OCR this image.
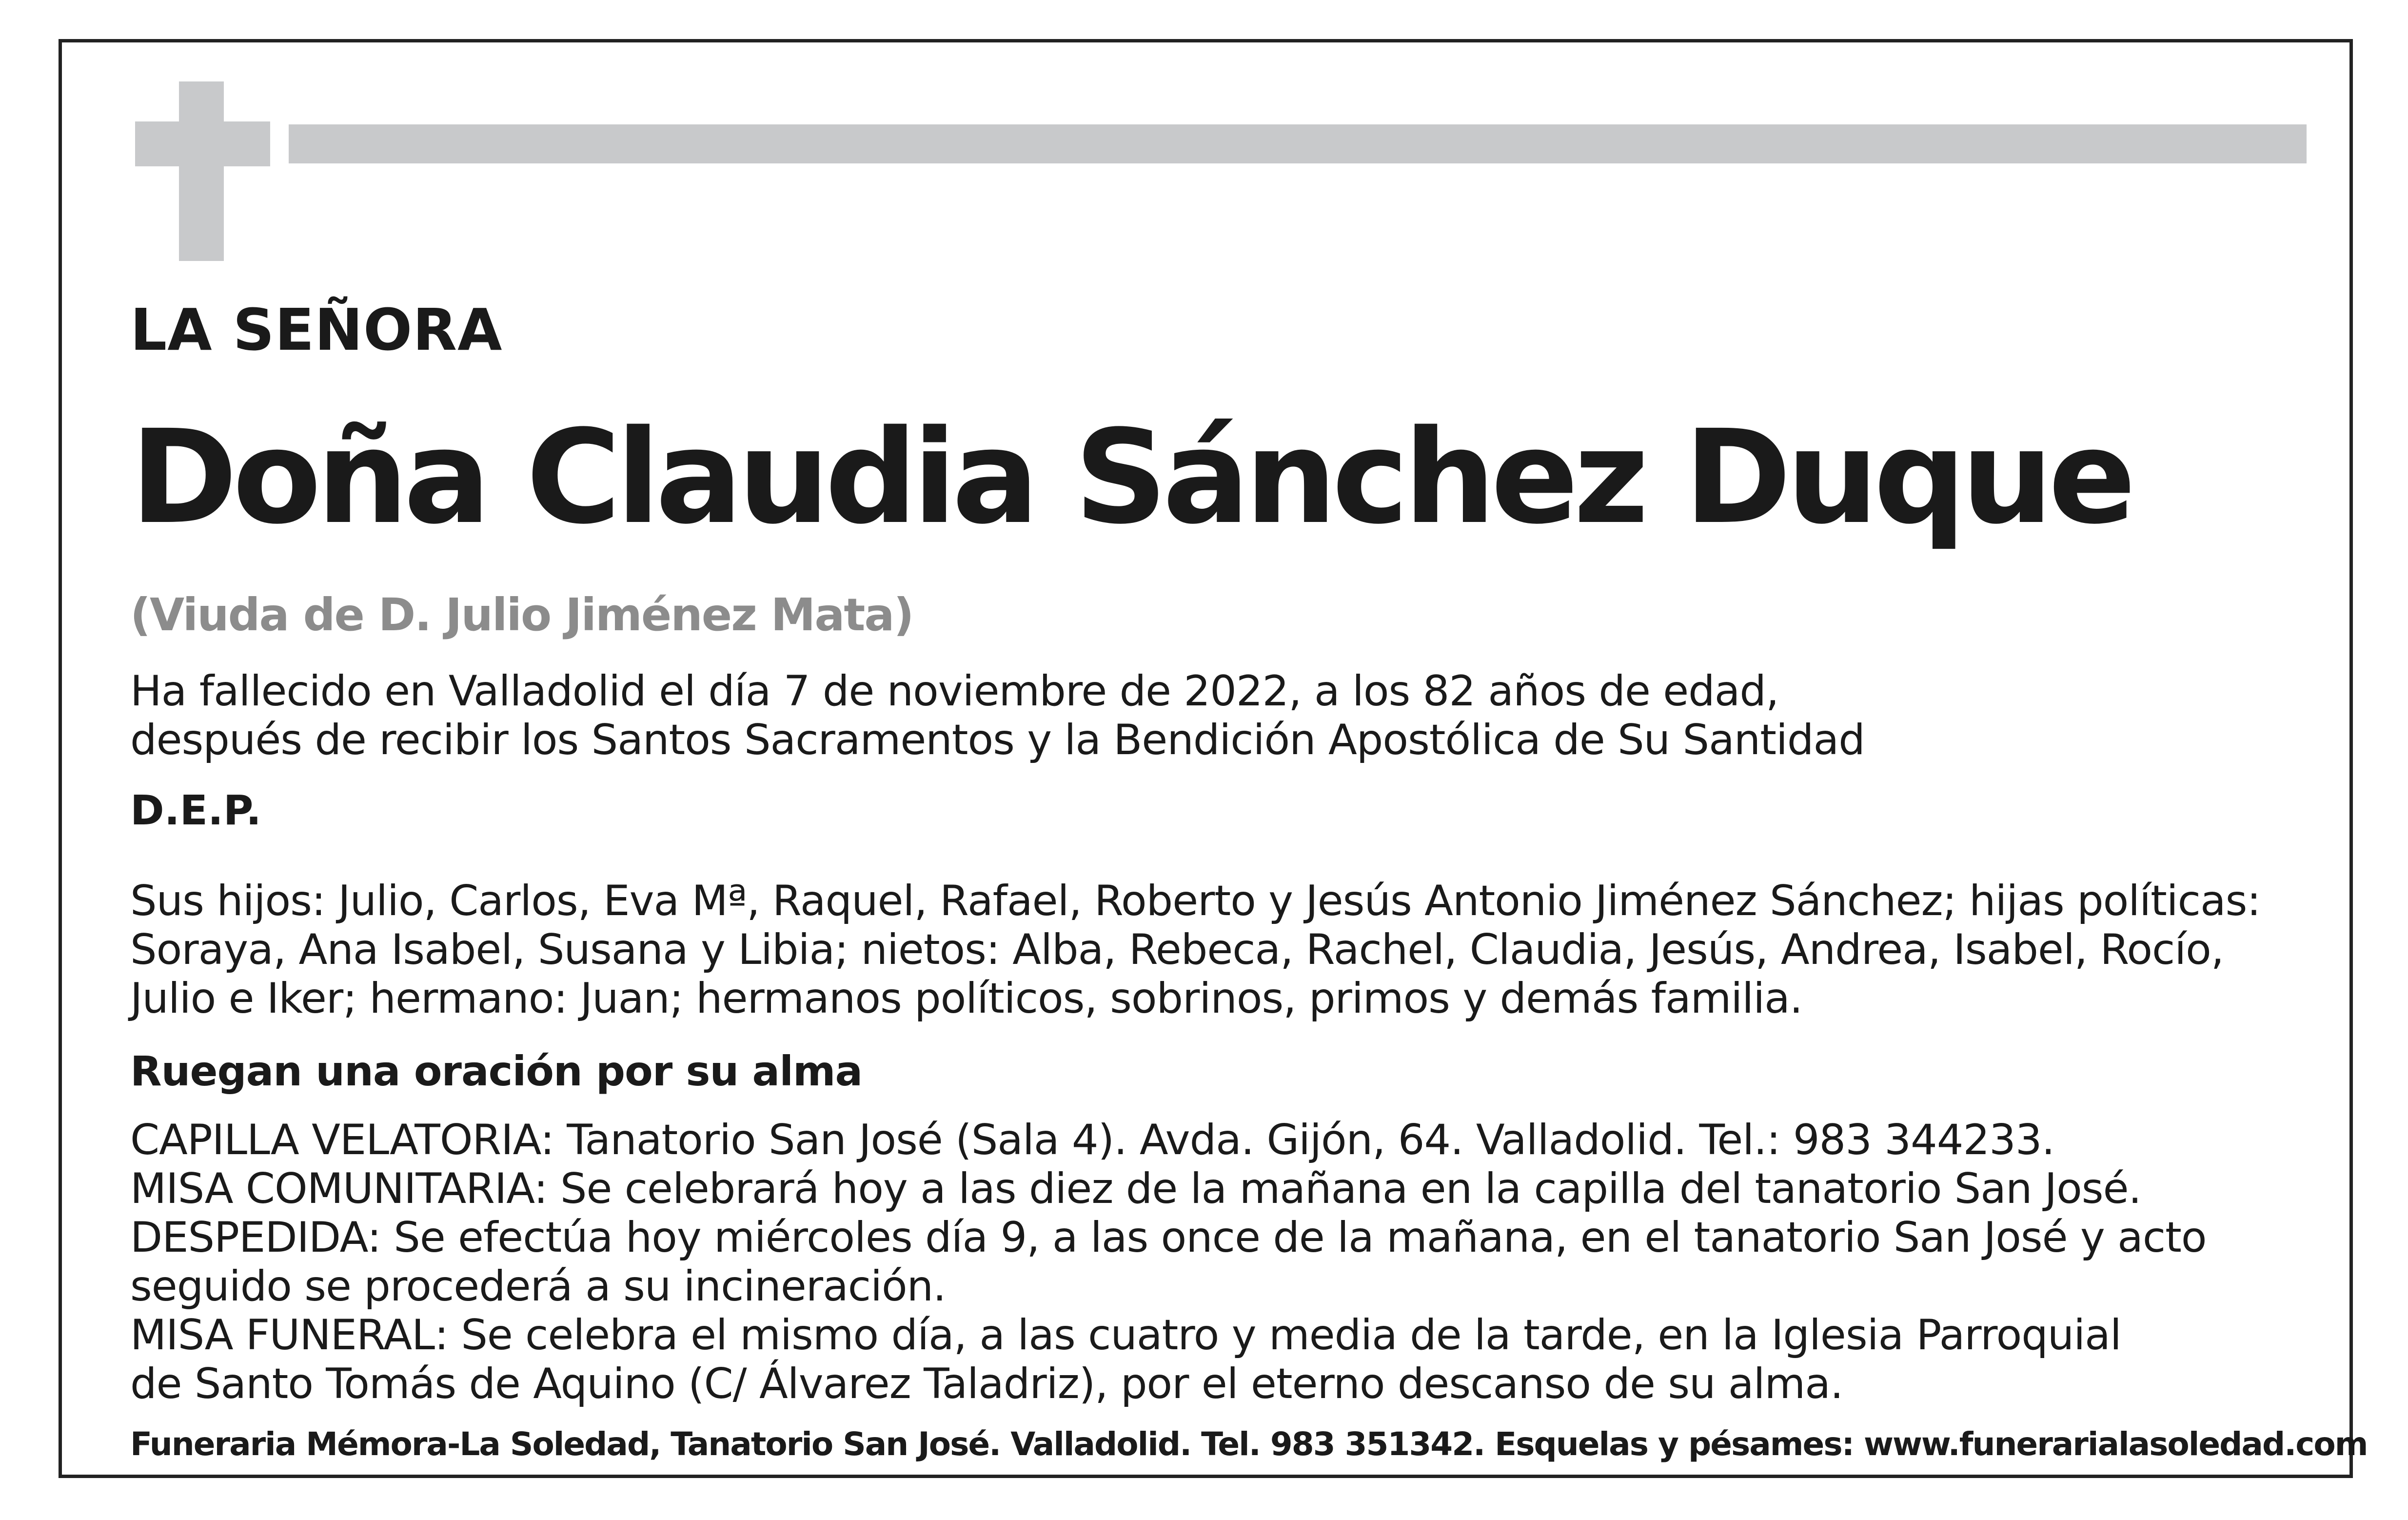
LA SEÑORA
Doña Claudia Sánchez Duque
(Viuda de D. Julio Jiménez Mata)
Ha fallecido en Valladolid el día 7 de noviembre de 2022, a los 82 años de edad,
después de recibir los Santos Sacramentos y la Bendición Apostólica de Su Santidad
D.E.P.
Sus hijos: Julio, Carlos, Eva Mª, Raquel, Rafael, Roberto y Jesús Antonio Jiménez Sánchez; hijas políticas:
Soraya, Ana Isabel, Susana y Libia; nietos: Alba, Rebeca, Rachel, Claudia, Jesús, Andrea, Isabel, Rocío,
Julio e Iker; hermano: Juan; hermanos políticos, sobrinos, primos y demás familia.
Ruegan una oración por su alma
CAPILLA VELATORIA: Tanatorio San José (Sala 4). Avda. Gijón, 64. Valladolid. Tel.: 983 344233.
MISA COMUNITARIA: Se celebrará hoy a las diez de la mañana en la capilla del tanatorio San José.
DESPEDIDA: Se efectúa hoy miércoles día 9, a las once de la mañana, en el tanatorio San José y acto
seguido se procederá a su incineración.
MISA FUNERAL: Se celebra el mismo día, a las cuatro y media de la tarde, en la Iglesia Parroquial
de Santo Tomás de Aquino (C/ Álvarez Taladriz), por el eterno descanso de su alma.
Funeraria Mémora-La Soledad, Tanatorio San José. Valladolid. Tel. 983 351342. Esquelas y pésames: www.funerarialasoledad.com
